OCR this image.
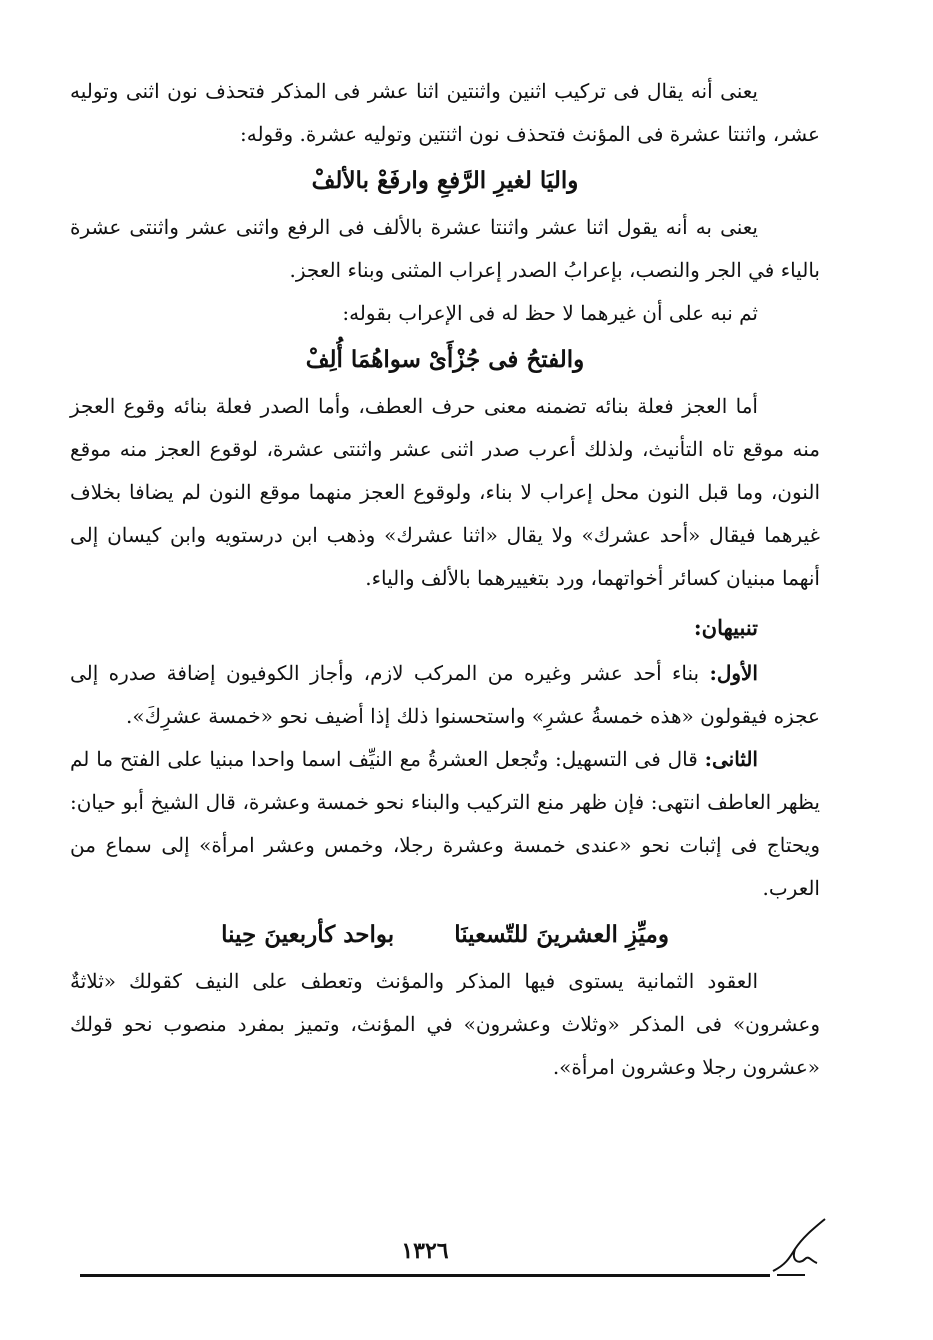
يعنى أنه يقال فى تركيب اثنين واثنتين اثنا عشر فى المذكر فتحذف نون اثنى وتوليه عشر، واثنتا عشرة فى المؤنث فتحذف نون اثنتين وتوليه عشرة. وقوله:

واليَا لغيرِ الرَّفعِ وارفَعْ بالألفْ

يعنى به أنه يقول اثنا عشر واثنتا عشرة بالألف فى الرفع واثنى عشر واثنتى عشرة بالياء في الجر والنصب، بإعرابُ الصدر إعراب المثنى وبناء العجز.

ثم نبه على أن غيرهما لا حظ له فى الإعراب بقوله:

والفتحُ فى جُزْأَىْ سواهُمَا أُلِفْ

أما العجز فعلة بنائه تضمنه معنى حرف العطف، وأما الصدر فعلة بنائه وقوع العجز منه موقع تاه التأنيث، ولذلك أعرب صدر اثنى عشر واثنتى عشرة، لوقوع العجز منه موقع النون، وما قبل النون محل إعراب لا بناء، ولوقوع العجز منهما موقع النون لم يضافا بخلاف غيرهما فيقال «أحد عشرك» ولا يقال «اثنا عشرك» وذهب ابن درستويه وابن كيسان إلى أنهما مبنيان كسائر أخواتهما، ورد بتغييرهما بالألف والياء.

تنبيهان:

الأول: بناء أحد عشر وغيره من المركب لازم، وأجاز الكوفيون إضافة صدره إلى عجزه فيقولون «هذه خمسةُ عشرِ» واستحسنوا ذلك إذا أضيف نحو «خمسة عشرِكَ».

الثانى: قال فى التسهيل: وتُجعل العشرةُ مع النيِّف اسما واحدا مبنيا على الفتح ما لم يظهر العاطف انتهى: فإن ظهر منع التركيب والبناء نحو خمسة وعشرة، قال الشيخ أبو حيان: ويحتاج فى إثبات نحو «عندى خمسة وعشرة رجلا، وخمس وعشر امرأة» إلى سماع من العرب.

وميِّزِ العشرينَ للتّسعينَا
بواحد كأربعينَ حِينا

العقود الثمانية يستوى فيها المذكر والمؤنث وتعطف على النيف كقولك «ثلاثةٌ وعشرون» فى المذكر «وثلاث وعشرون» في المؤنث، وتميز بمفرد منصوب نحو قولك «عشرون رجلا وعشرون امرأة».

١٣٢٦
